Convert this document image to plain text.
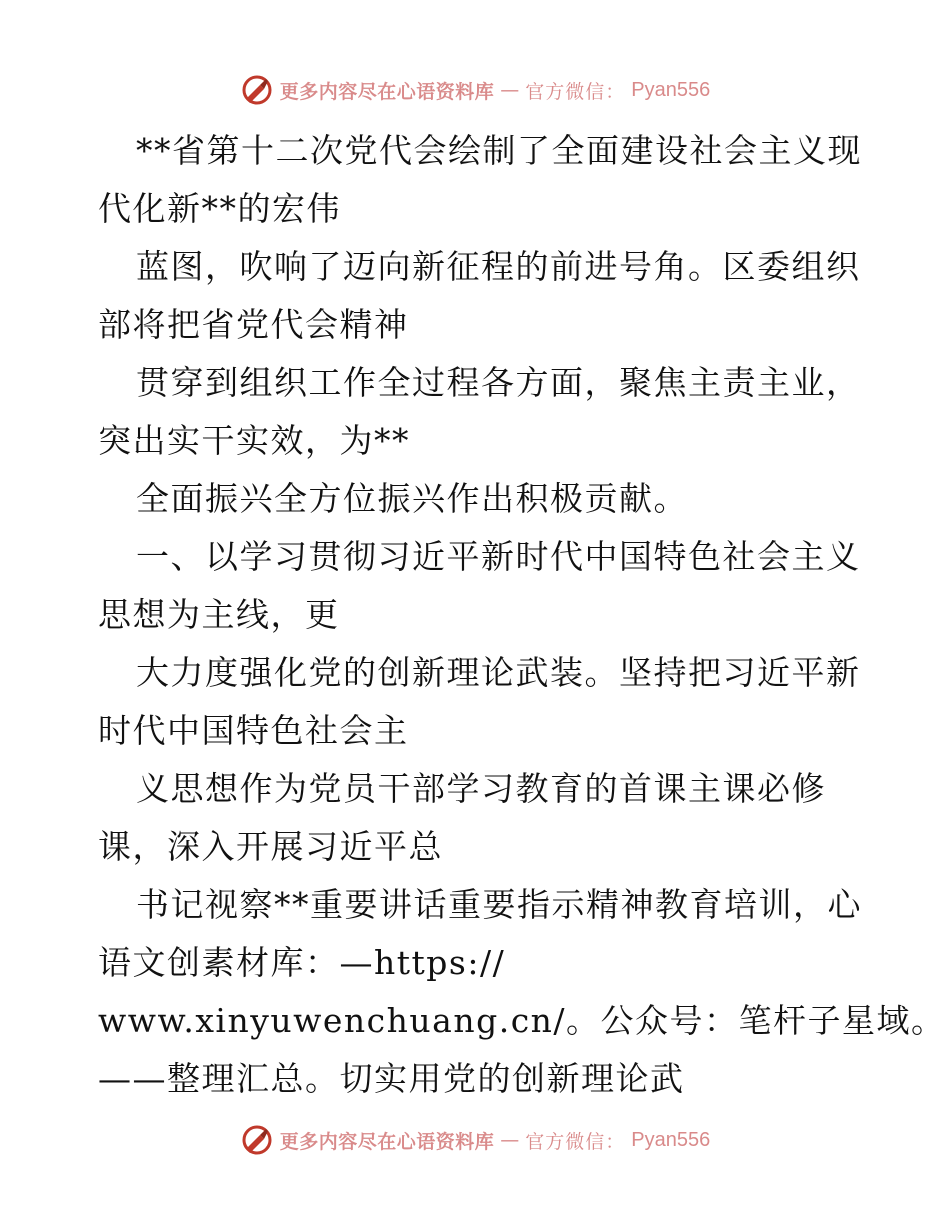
更多内容尽在心语资料库 — 官方微信： Pyan556
**省第十二次党代会绘制了全面建设社会主义现
代化新**的宏伟
蓝图，吹响了迈向新征程的前进号角。区委组织
部将把省党代会精神
贯穿到组织工作全过程各方面，聚焦主责主业，
突出实干实效，为**
全面振兴全方位振兴作出积极贡献。
一、以学习贯彻习近平新时代中国特色社会主义
思想为主线，更
大力度强化党的创新理论武装。坚持把习近平新
时代中国特色社会主
义思想作为党员干部学习教育的首课主课必修
课，深入开展习近平总
书记视察**重要讲话重要指示精神教育培训，心
语文创素材库：—https://
www.xinyuwenchuang.cn/。公众号：笔杆子星域。
——整理汇总。切实用党的创新理论武
更多内容尽在心语资料库 — 官方微信： Pyan556
